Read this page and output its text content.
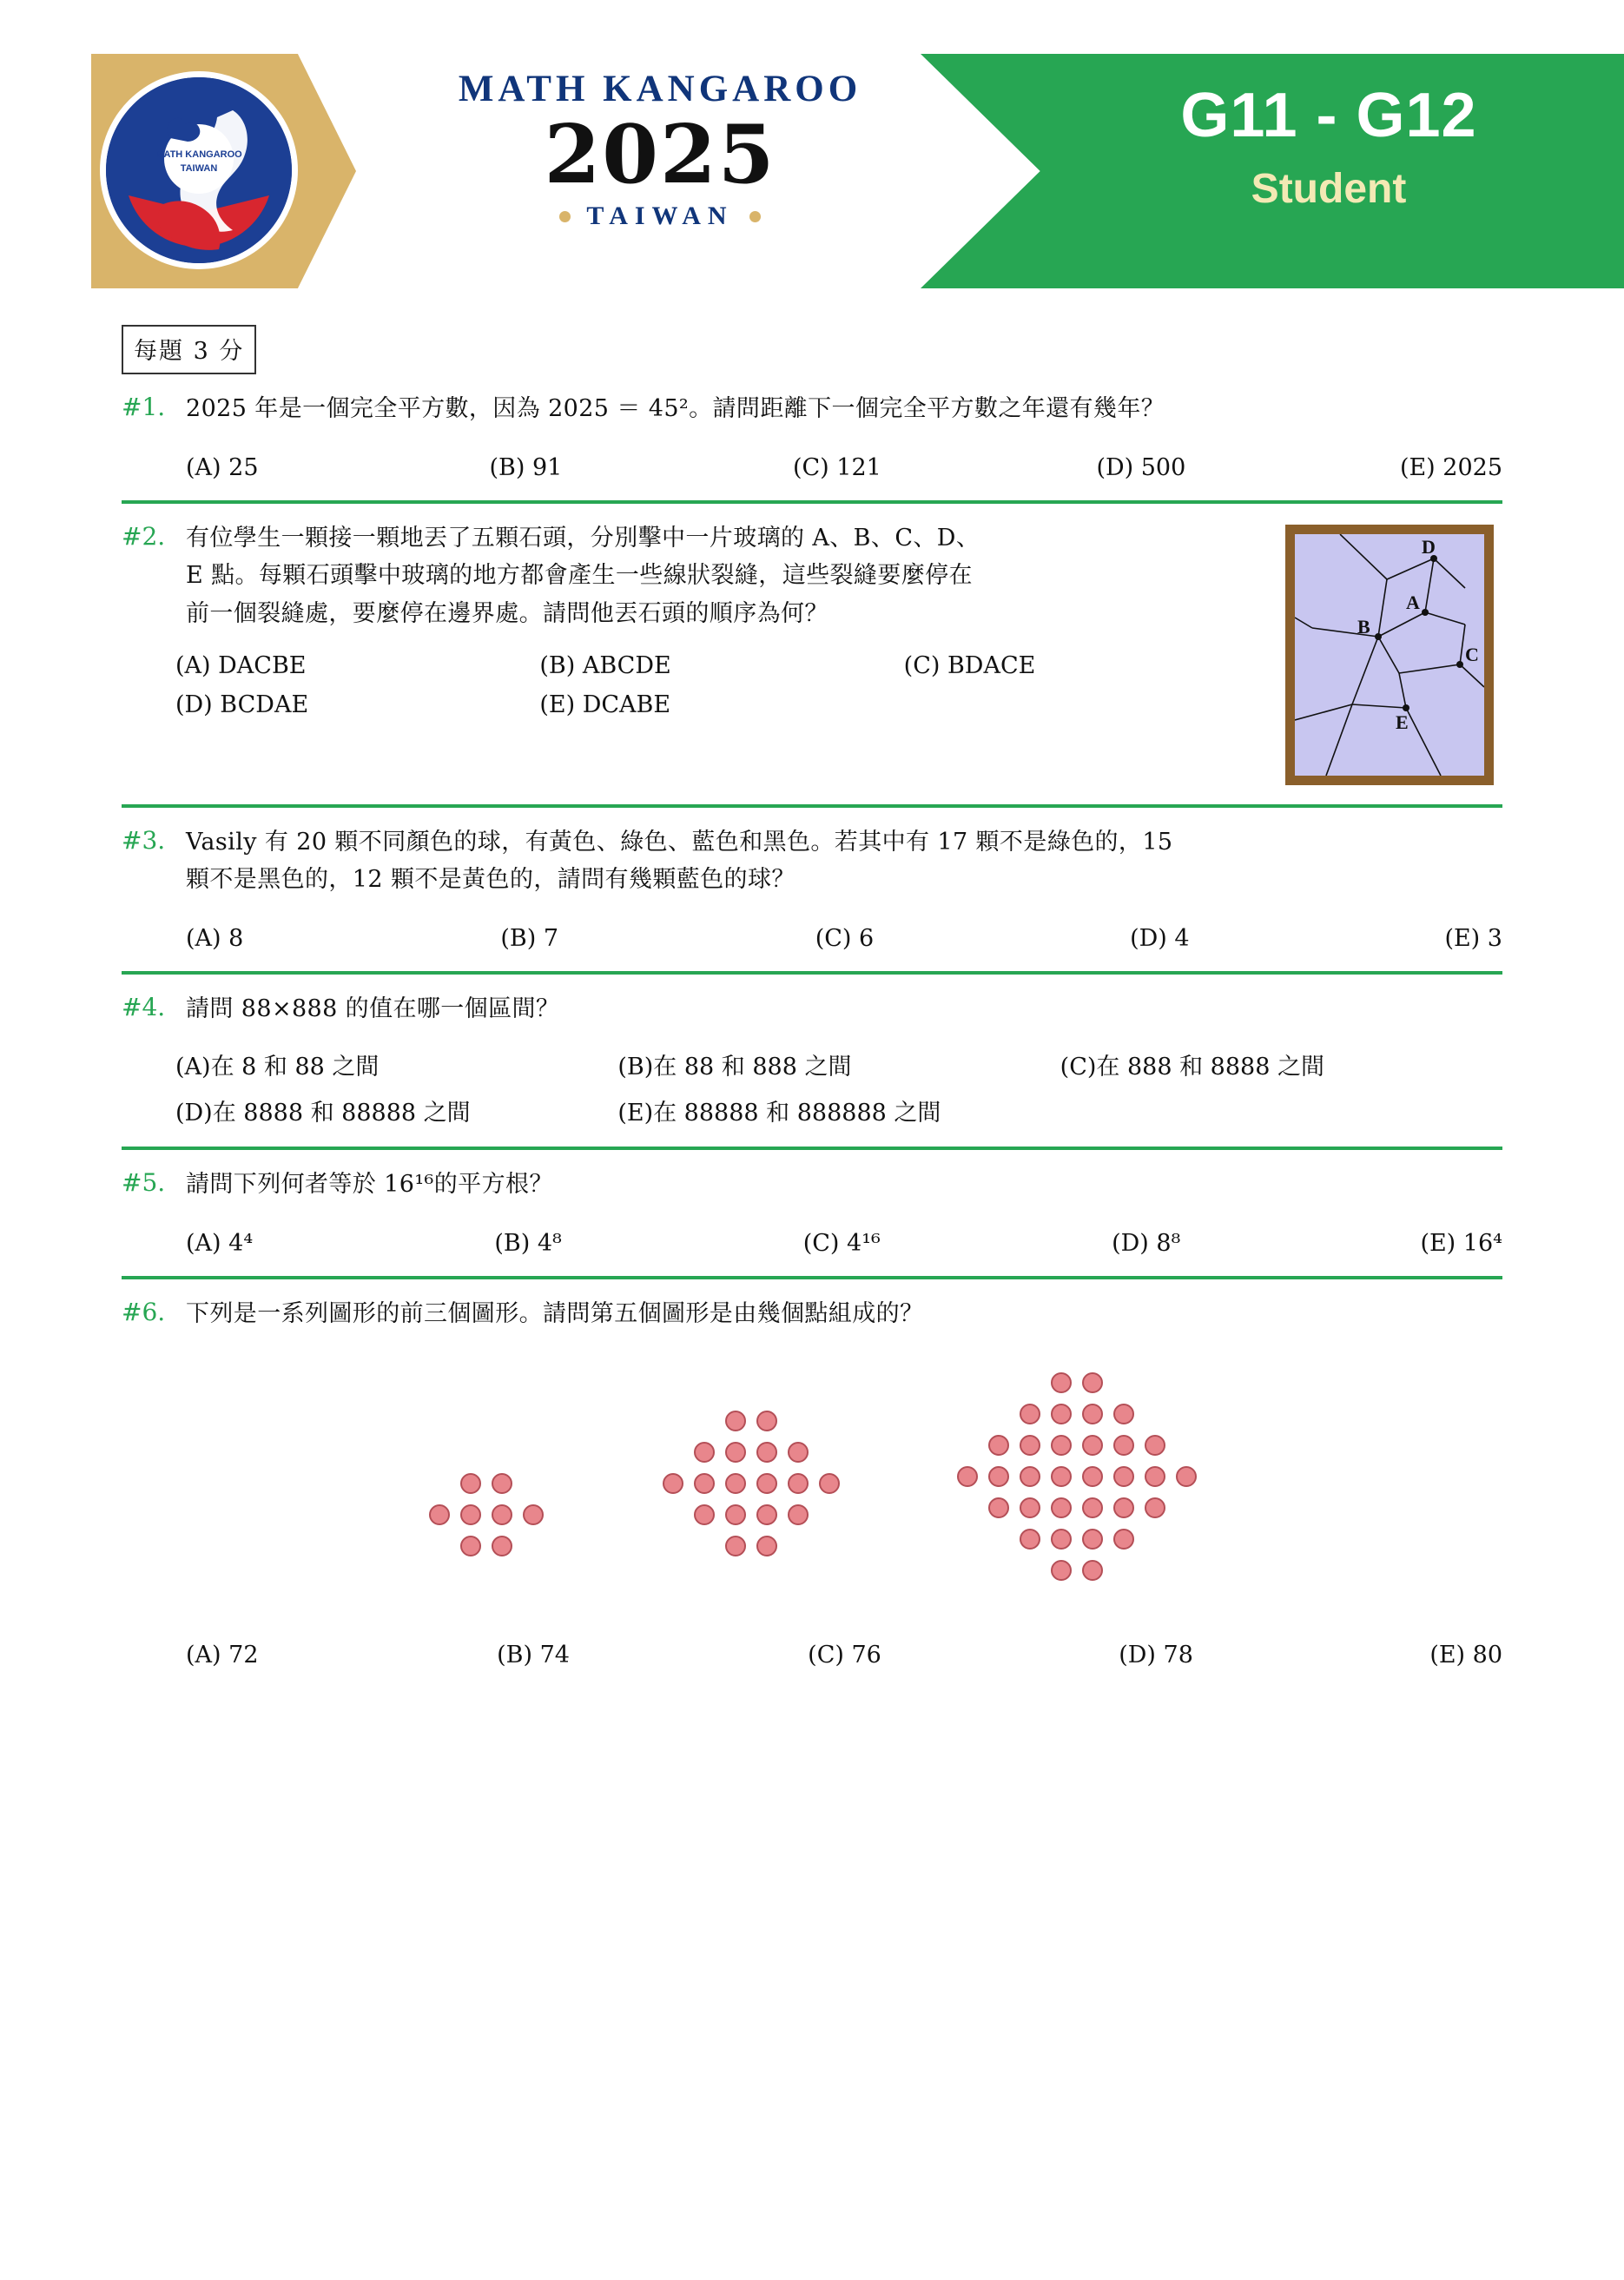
MATH KANGAROO
TAIWAN
MATH KANGAROO
2025
TAIWAN
G11 - G12
Student
每題 3 分
#1. 2025 年是一個完全平方數，因為 2025 ＝ 45²。請問距離下一個完全平方數之年還有幾年？
(A) 25	(B) 91	(C) 121	(D) 500	(E) 2025
#2. 有位學生一顆接一顆地丟了五顆石頭，分別擊中一片玻璃的 A、B、C、D、
E 點。每顆石頭擊中玻璃的地方都會產生一些線狀裂縫，這些裂縫要麼停在
前一個裂縫處，要麼停在邊界處。請問他丟石頭的順序為何？
(A) DACBE	(B) ABCDE	(C) BDACE
(D) BCDAE	(E) DCABE
D
A
C
B
E
#3. Vasily 有 20 顆不同顏色的球，有黃色、綠色、藍色和黑色。若其中有 17 顆不是綠色的，15
顆不是黑色的，12 顆不是黃色的，請問有幾顆藍色的球？
(A) 8	(B) 7	(C) 6	(D) 4	(E) 3
#4. 請問 88×888 的值在哪一個區間？
(A)在 8 和 88 之間	(B)在 88 和 888 之間	(C)在 888 和 8888 之間
(D)在 8888 和 88888 之間	(E)在 88888 和 888888 之間
#5. 請問下列何者等於 16¹⁶的平方根？
(A) 4⁴	(B) 4⁸	(C) 4¹⁶	(D) 8⁸	(E) 16⁴
#6. 下列是一系列圖形的前三個圖形。請問第五個圖形是由幾個點組成的？
(A) 72	(B) 74	(C) 76	(D) 78	(E) 80
